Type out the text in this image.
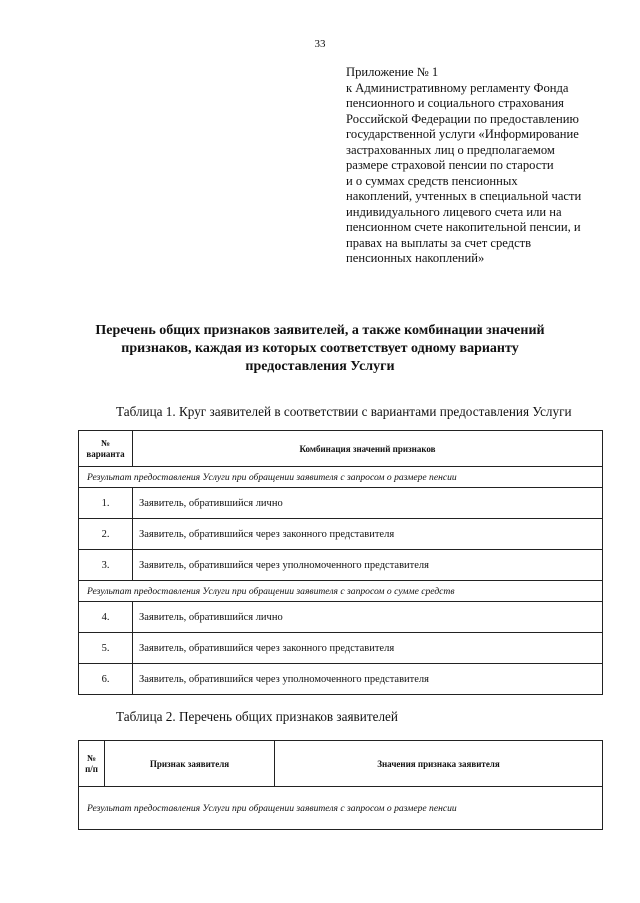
33
Приложение № 1
к Административному регламенту Фонда
пенсионного и социального страхования
Российской Федерации по предоставлению
государственной услуги «Информирование
застрахованных лиц о предполагаемом
размере страховой пенсии по старости
и о суммах средств пенсионных
накоплений, учтенных в специальной части
индивидуального лицевого счета или на
пенсионном счете накопительной пенсии, и
правах на выплаты за счет средств
пенсионных накоплений»
Перечень общих признаков заявителей, а также комбинации значений
признаков, каждая из которых соответствует одному варианту
предоставления Услуги
Таблица 1. Круг заявителей в соответствии с вариантами предоставления Услуги
№
варианта	Комбинация значений признаков
Результат предоставления Услуги при обращении заявителя с запросом о размере пенсии	
1.	Заявитель, обратившийся лично
2.	Заявитель, обратившийся через законного представителя
3.	Заявитель, обратившийся через уполномоченного представителя
Результат предоставления Услуги при обращении заявителя с запросом о сумме средств	
4.	Заявитель, обратившийся лично
5.	Заявитель, обратившийся через законного представителя
6.	Заявитель, обратившийся через уполномоченного представителя
Таблица 2. Перечень общих признаков заявителей
№
п/п	Признак заявителя	Значения признака заявителя
Результат предоставления Услуги при обращении заявителя с запросом о размере пенсии
